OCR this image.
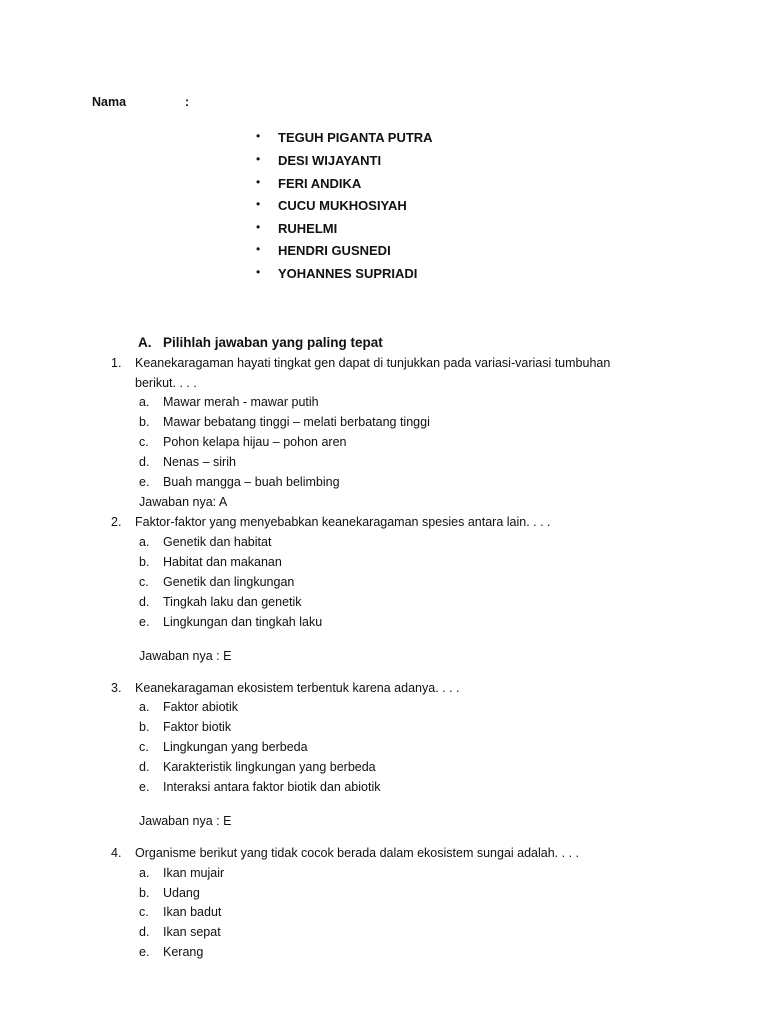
Nama	:
• TEGUH PIGANTA PUTRA
• DESI WIJAYANTI
• FERI ANDIKA
• CUCU MUKHOSIYAH
• RUHELMI
• HENDRI GUSNEDI
• YOHANNES SUPRIADI
A. Pilihlah jawaban yang paling tepat
1. Keanekaragaman hayati tingkat gen dapat di tunjukkan pada variasi-variasi tumbuhan
berikut. . . .
a. Mawar merah - mawar putih
b. Mawar bebatang tinggi – melati berbatang tinggi
c. Pohon kelapa hijau – pohon aren
d. Nenas – sirih
e. Buah mangga – buah belimbing
Jawaban nya: A
2. Faktor-faktor yang menyebabkan keanekaragaman spesies antara lain. . . .
a. Genetik dan habitat
b. Habitat dan makanan
c. Genetik dan lingkungan
d. Tingkah laku dan genetik
e. Lingkungan dan tingkah laku
Jawaban nya : E
3. Keanekaragaman ekosistem terbentuk karena adanya. . . .
a. Faktor abiotik
b. Faktor biotik
c. Lingkungan yang berbeda
d. Karakteristik lingkungan yang berbeda
e. Interaksi antara faktor biotik dan abiotik
Jawaban nya : E
4. Organisme berikut yang tidak cocok berada dalam ekosistem sungai adalah. . . .
a. Ikan mujair
b. Udang
c. Ikan badut
d. Ikan sepat
e. Kerang
